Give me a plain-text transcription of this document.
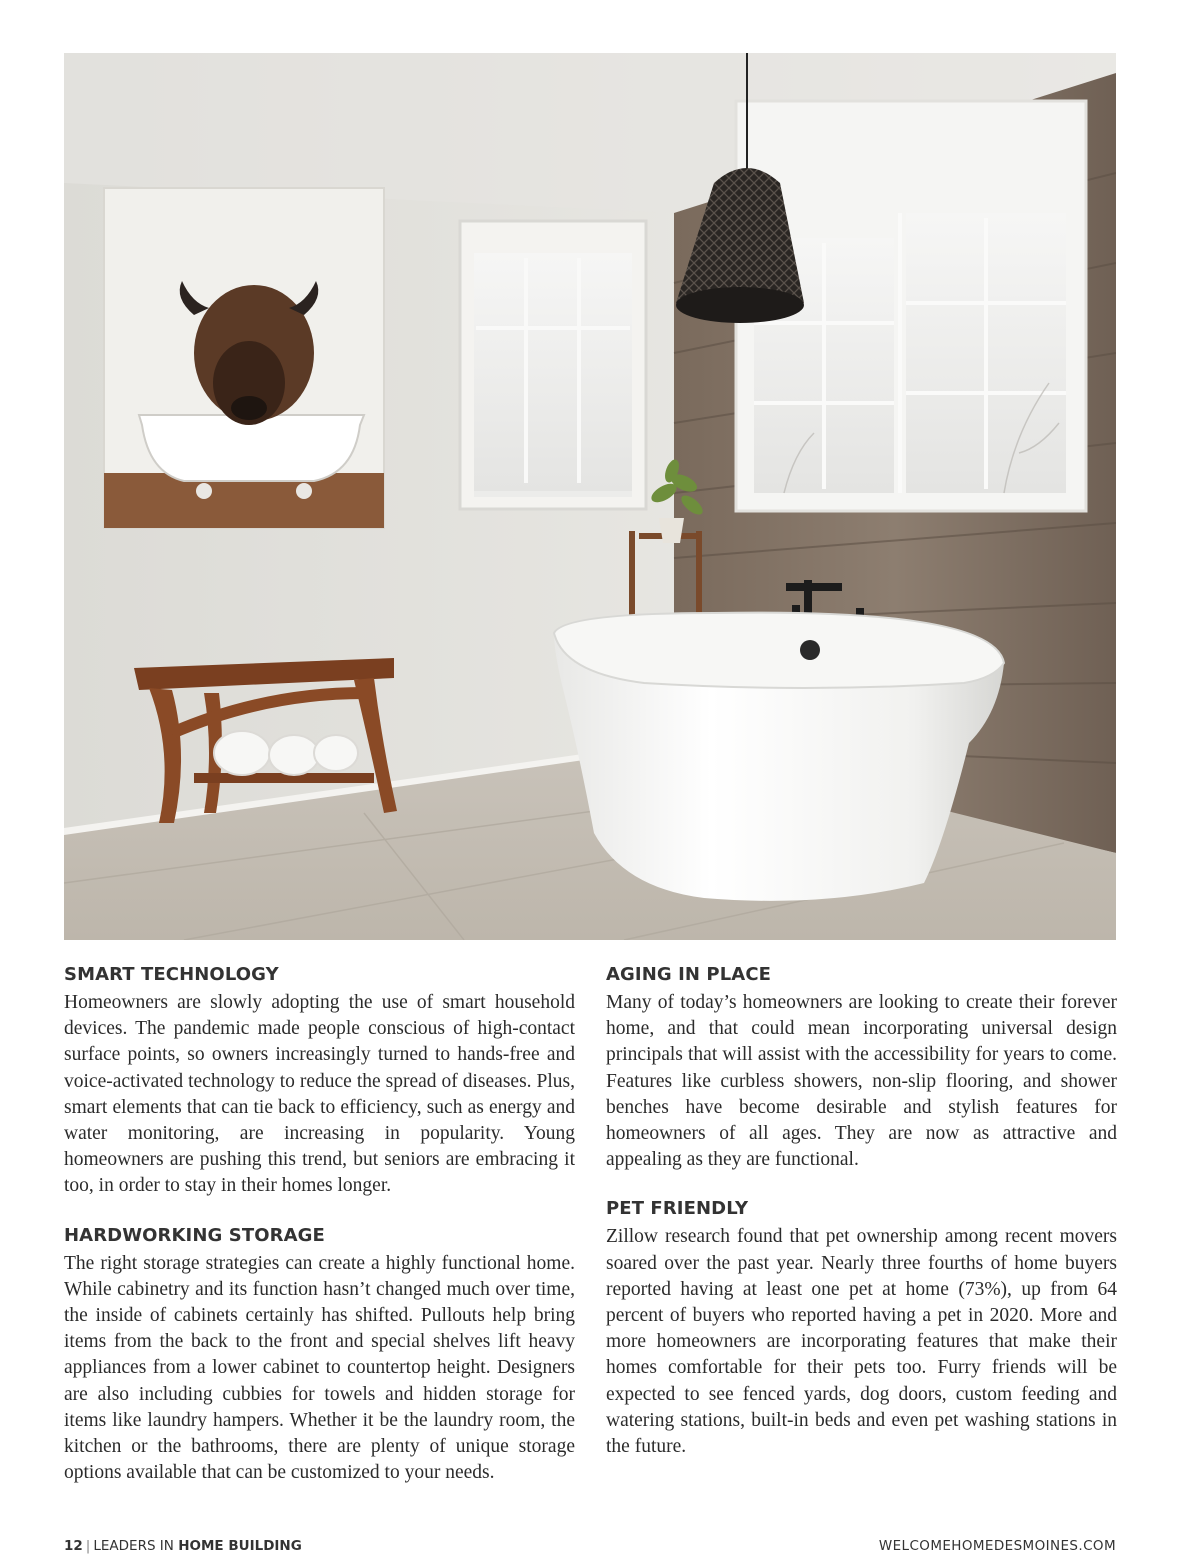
SMART TECHNOLOGY

Homeowners are slowly adopting the use of smart household devices. The pandemic made people conscious of high-contact surface points, so owners increasingly turned to hands-free and voice-activated technology to reduce the spread of diseases. Plus, smart elements that can tie back to efficiency, such as energy and water monitoring, are increasing in popularity. Young homeowners are pushing this trend, but seniors are embracing it too, in order to stay in their homes longer.

HARDWORKING STORAGE

The right storage strategies can create a highly functional home. While cabinetry and its function hasn’t changed much over time, the inside of cabinets certainly has shifted. Pullouts help bring items from the back to the front and special shelves lift heavy appliances from a lower cabinet to countertop height. Designers are also including cubbies for towels and hidden storage for items like laundry hampers. Whether it be the laundry room, the kitchen or the bathrooms, there are plenty of unique storage options available that can be customized to your needs.

AGING IN PLACE

Many of today’s homeowners are looking to create their forever home, and that could mean incorporating universal design principals that will assist with the accessibility for years to come. Features like curbless showers, non-slip flooring, and shower benches have become desirable and stylish features for homeowners of all ages. They are now as attractive and appealing as they are functional.

PET FRIENDLY

Zillow research found that pet ownership among recent movers soared over the past year. Nearly three fourths of home buyers reported having at least one pet at home (73%), up from 64 percent of buyers who reported having a pet in 2020. More and more homeowners are incorporating features that make their homes comfortable for their pets too. Furry friends will be expected to see fenced yards, dog doors, custom feeding and watering stations, built-in beds and even pet washing stations in the future.

12 | LEADERS IN HOME BUILDING	WELCOMEHOMEDESMOINES.COM
